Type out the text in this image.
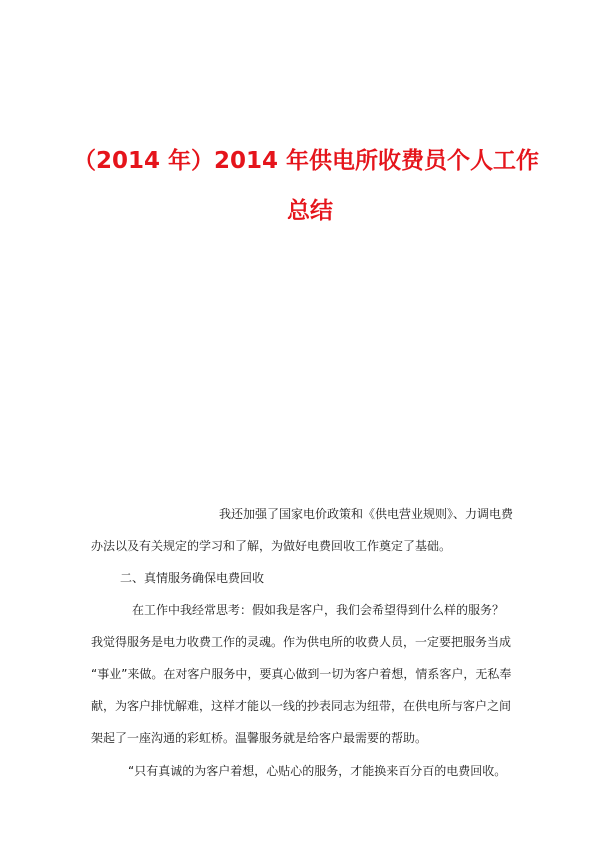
（2014 年）2014 年供电所收费员个人工作
总结
我还加强了国家电价政策和《供电营业规则》、力调电费
办法以及有关规定的学习和了解，为做好电费回收工作奠定了基础。
二、真情服务确保电费回收
在工作中我经常思考：假如我是客户，我们会希望得到什么样的服务？
我觉得服务是电力收费工作的灵魂。作为供电所的收费人员，一定要把服务当成
“事业”来做。在对客户服务中，要真心做到一切为客户着想，情系客户，无私奉
献，为客户排忧解难，这样才能以一线的抄表同志为纽带，在供电所与客户之间
架起了一座沟通的彩虹桥。温馨服务就是给客户最需要的帮助。
“只有真诚的为客户着想，心贴心的服务，才能换来百分百的电费回收。
